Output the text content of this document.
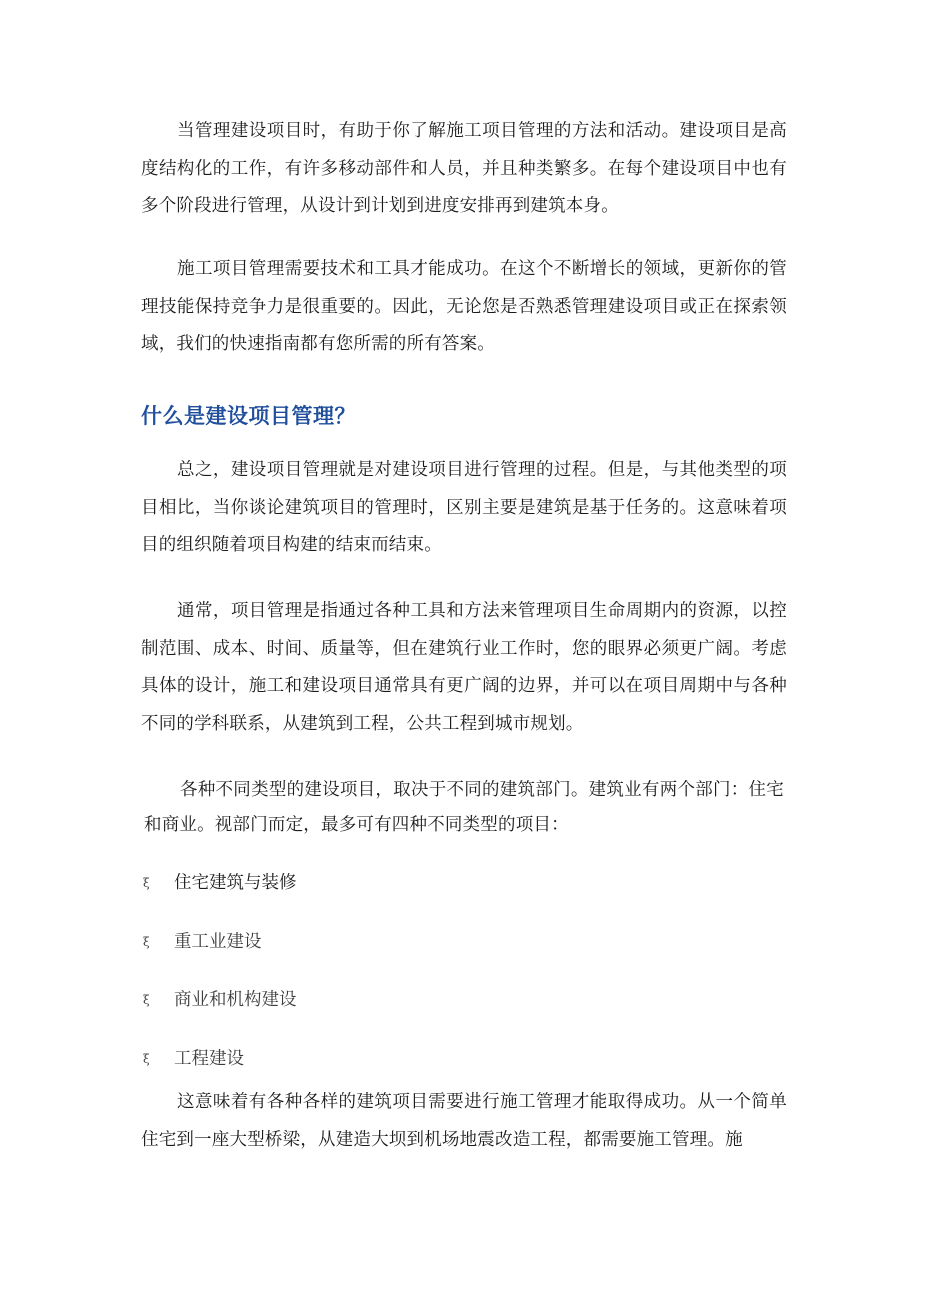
当管理建设项目时，有助于你了解施工项目管理的方法和活动。建设项目是高度结构化的工作，有许多移动部件和人员，并且种类繁多。在每个建设项目中也有多个阶段进行管理，从设计到计划到进度安排再到建筑本身。

施工项目管理需要技术和工具才能成功。在这个不断增长的领域，更新你的管理技能保持竞争力是很重要的。因此，无论您是否熟悉管理建设项目或正在探索领域，我们的快速指南都有您所需的所有答案。

什么是建设项目管理？

总之，建设项目管理就是对建设项目进行管理的过程。但是，与其他类型的项目相比，当你谈论建筑项目的管理时，区别主要是建筑是基于任务的。这意味着项目的组织随着项目构建的结束而结束。

通常，项目管理是指通过各种工具和方法来管理项目生命周期内的资源，以控制范围、成本、时间、质量等，但在建筑行业工作时，您的眼界必须更广阔。考虑具体的设计，施工和建设项目通常具有更广阔的边界，并可以在项目周期中与各种不同的学科联系，从建筑到工程，公共工程到城市规划。

各种不同类型的建设项目，取决于不同的建筑部门。建筑业有两个部门：住宅和商业。视部门而定，最多可有四种不同类型的项目：

ξ	住宅建筑与装修
ξ	重工业建设
ξ	商业和机构建设
ξ	工程建设

这意味着有各种各样的建筑项目需要进行施工管理才能取得成功。从一个简单住宅到一座大型桥梁，从建造大坝到机场地震改造工程，都需要施工管理。施
